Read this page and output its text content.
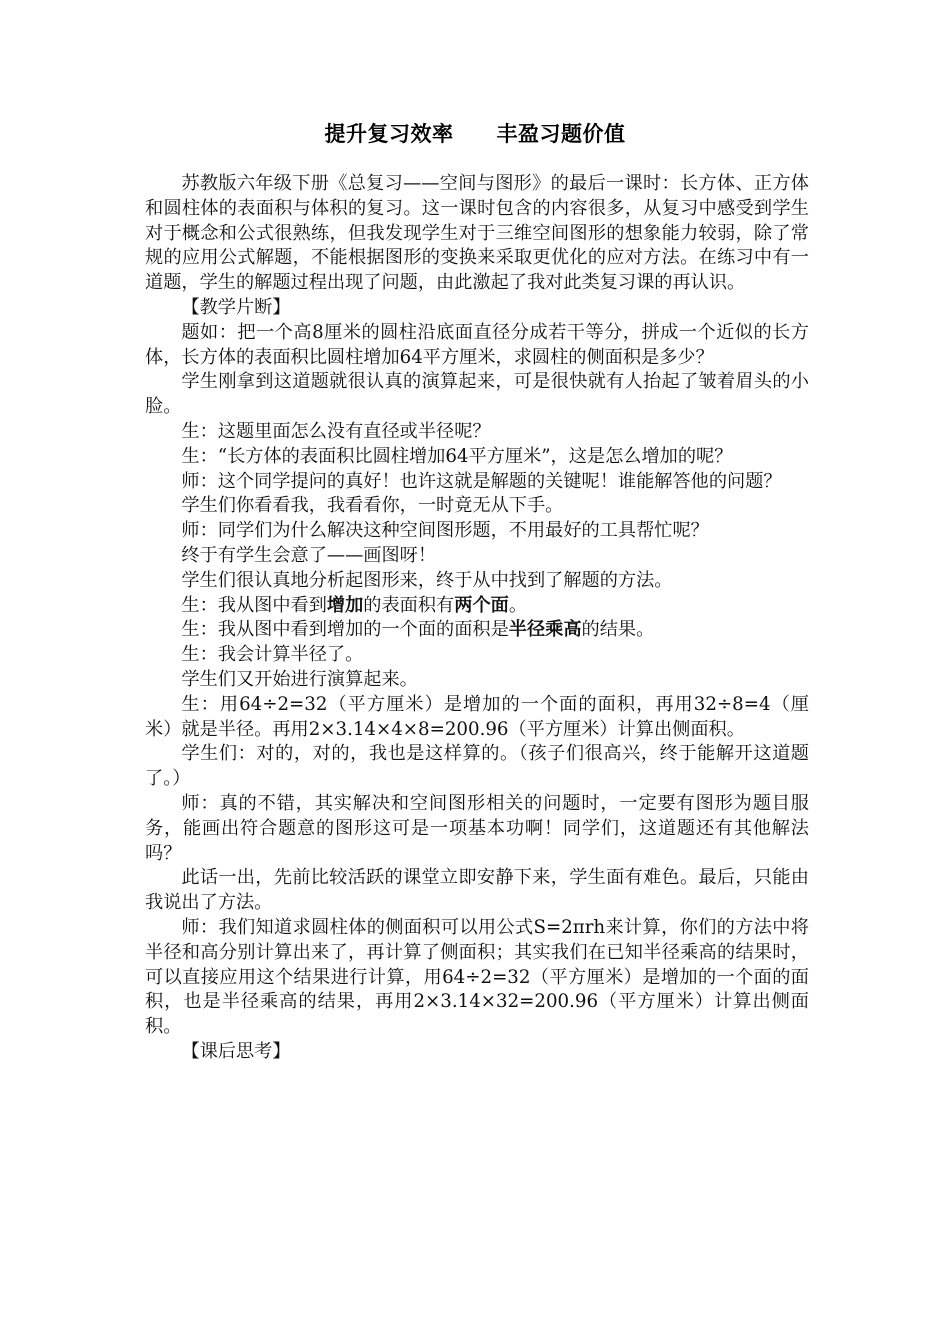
提升复习效率　　丰盈习题价值

苏教版六年级下册《总复习——空间与图形》的最后一课时：长方体、正方体和圆柱体的表面积与体积的复习。这一课时包含的内容很多，从复习中感受到学生对于概念和公式很熟练，但我发现学生对于三维空间图形的想象能力较弱，除了常规的应用公式解题，不能根据图形的变换来采取更优化的应对方法。在练习中有一道题，学生的解题过程出现了问题，由此激起了我对此类复习课的再认识。

【教学片断】

题如：把一个高8厘米的圆柱沿底面直径分成若干等分，拼成一个近似的长方体，长方体的表面积比圆柱增加64平方厘米，求圆柱的侧面积是多少？

学生刚拿到这道题就很认真的演算起来，可是很快就有人抬起了皱着眉头的小脸。

生：这题里面怎么没有直径或半径呢？

生：“长方体的表面积比圆柱增加64平方厘米”，这是怎么增加的呢？

师：这个同学提问的真好！也许这就是解题的关键呢！谁能解答他的问题？

学生们你看看我，我看看你，一时竟无从下手。

师：同学们为什么解决这种空间图形题，不用最好的工具帮忙呢？

终于有学生会意了——画图呀！

学生们很认真地分析起图形来，终于从中找到了解题的方法。

生：我从图中看到增加的表面积有两个面。

生：我从图中看到增加的一个面的面积是半径乘高的结果。

生：我会计算半径了。

学生们又开始进行演算起来。

生：用64÷2=32（平方厘米）是增加的一个面的面积，再用32÷8=4（厘米）就是半径。再用2×3.14×4×8=200.96（平方厘米）计算出侧面积。

学生们：对的，对的，我也是这样算的。（孩子们很高兴，终于能解开这道题了。）

师：真的不错，其实解决和空间图形相关的问题时，一定要有图形为题目服务，能画出符合题意的图形这可是一项基本功啊！同学们，这道题还有其他解法吗？

此话一出，先前比较活跃的课堂立即安静下来，学生面有难色。最后，只能由我说出了方法。

师：我们知道求圆柱体的侧面积可以用公式S=2πrh来计算，你们的方法中将半径和高分别计算出来了，再计算了侧面积；其实我们在已知半径乘高的结果时，可以直接应用这个结果进行计算，用64÷2=32（平方厘米）是增加的一个面的面积，也是半径乘高的结果，再用2×3.14×32=200.96（平方厘米）计算出侧面积。

【课后思考】
